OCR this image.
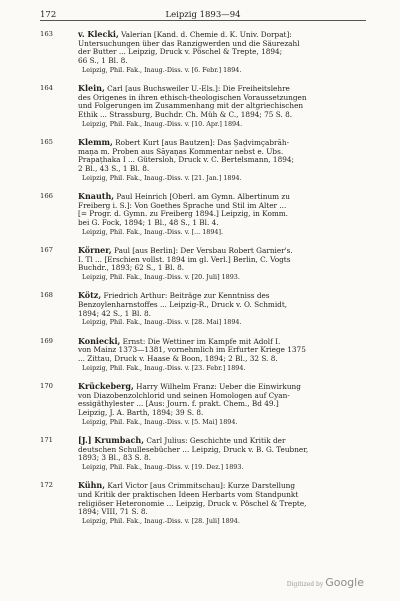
172	Leipzig 1893—94
163	v. Klecki, Valerian [Kand. d. Chemie d. K. Univ. Dorpat]:
Untersuchungen über das Ranzigwerden und die Säurezahl
der Butter ... Leipzig, Druck v. Pöschel & Trepte, 1894;
66 S., 1 Bl. 8.
Leipzig, Phil. Fak., Inaug.-Diss. v. [6. Febr.] 1894.
164	Klein, Carl [aus Buchsweiler U.-Els.]: Die Freiheitslehre
des Origenes in ihren ethisch-theologischen Voraussetzungen
und Folgerungen im Zusammenhang mit der altgriechischen
Ethik ... Strassburg, Buchdr. Ch. Müh & C., 1894; 75 S. 8.
Leipzig, Phil. Fak., Inaug.-Diss. v. [10. Apr.] 1894.
165	Klemm, Robert Kurt [aus Bautzen]: Das Ṣaḍvimçabrāh-
maṇa m. Proben aus Sāyaṇas Kommentar nebst e. Übs.
Prapaṭhaka I ... Gütersloh, Druck v. C. Bertelsmann, 1894;
2 Bl., 43 S., 1 Bl. 8.
Leipzig, Phil. Fak., Inaug.-Diss. v. [21. Jan.] 1894.
166	Knauth, Paul Heinrich [Oberl. am Gymn. Albertinum zu
Freiberg i. S.]: Von Goethes Sprache und Stil im Alter ...
[= Progr. d. Gymn. zu Freiberg 1894.] Leipzig, in Komm.
bei G. Fock, 1894; 1 Bl., 48 S., 1 Bl. 4.
Leipzig, Phil. Fak., Inaug.-Diss. v. [... 1894].
167	Körner, Paul [aus Berlin]: Der Versbau Robert Garnier's.
I. Tl ... [Erschien vollst. 1894 im gl. Verl.] Berlin, C. Vogts
Buchdr., 1893; 62 S., 1 Bl. 8.
Leipzig, Phil. Fak., Inaug.-Diss. v. [20. Juli] 1893.
168	Kötz, Friedrich Arthur: Beiträge zur Kenntniss des
Benzoylenharnstoffes ... Leipzig-R., Druck v. O. Schmidt,
1894; 42 S., 1 Bl. 8.
Leipzig, Phil. Fak., Inaug.-Diss. v. [28. Mai] 1894.
169	Koniecki, Ernst: Die Wettiner im Kampfe mit Adolf I.
von Mainz 1373—1381, vornehmlich im Erfurter Kriege 1375
... Zittau, Druck v. Haase & Boon, 1894; 2 Bl., 32 S. 8.
Leipzig, Phil. Fak., Inaug.-Diss. v. [23. Febr.] 1894.
170	Krückeberg, Harry Wilhelm Franz: Ueber die Einwirkung
von Diazobenzolchlorid und seinen Homologen auf Cyan-
essigäthylester ... [Aus: Journ. f. prakt. Chem., Bd 49.]
Leipzig, J. A. Barth, 1894; 39 S. 8.
Leipzig, Phil. Fak., Inaug.-Diss. v. [5. Mai] 1894.
171	[J.] Krumbach, Carl Julius: Geschichte und Kritik der
deutschen Schullesebücher ... Leipzig, Druck v. B. G. Teubner,
1893; 3 Bl., 83 S. 8.
Leipzig, Phil. Fak., Inaug.-Diss. v. [19. Dez.] 1893.
172	Kühn, Karl Victor [aus Crimmitschau]: Kurze Darstellung
und Kritik der praktischen Ideen Herbarts vom Standpunkt
religiöser Heteronomie ... Leipzig, Druck v. Pöschel & Trepte,
1894; VIII, 71 S. 8.
Leipzig, Phil. Fak., Inaug.-Diss. v. [28. Juli] 1894.
Digitized by Google
